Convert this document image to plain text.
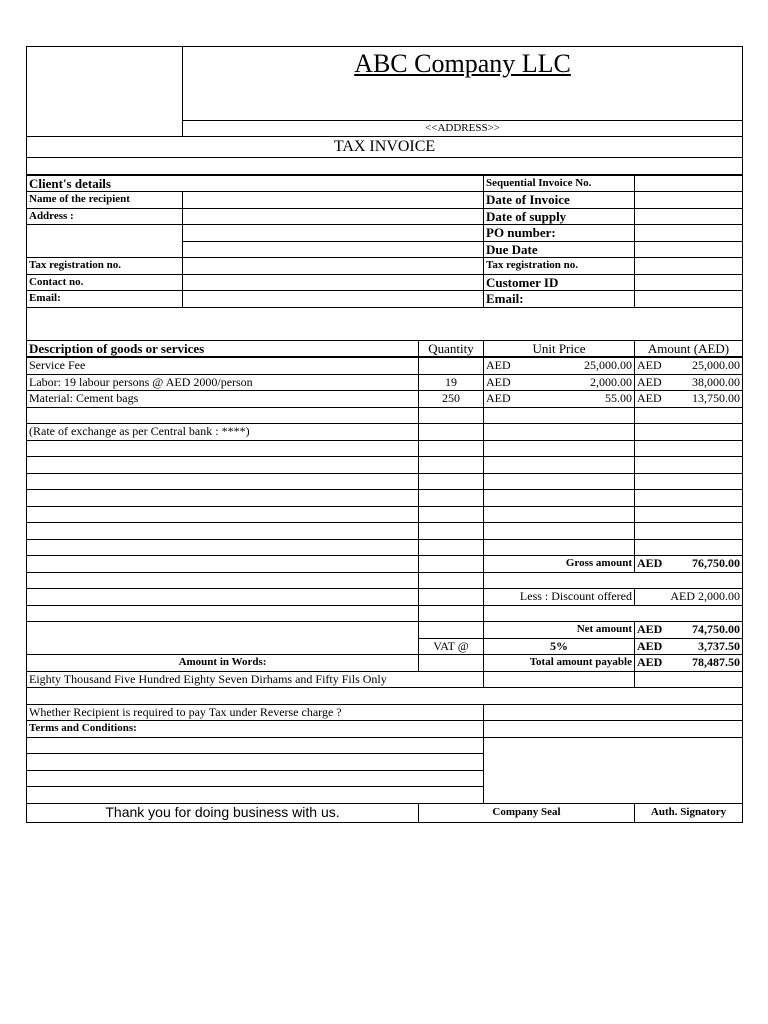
	ABC Company LLC			
	<<ADDRESS>>			
TAX INVOICE				

Client's details			Sequential Invoice No.	
Name of the recipient			Date of Invoice	
Address :			Date of supply	
			PO number:	
			Due Date	
Tax registration no.			Tax registration no.	
Contact no.			Customer ID	
Email:			Email:	

Description of goods or services		Quantity	Unit Price	Amount (AED)
Service Fee			AED 25,000.00	AED 25,000.00

Labor: 19 labour persons @ AED 2000/person		19	AED 2,000.00	AED 38,000.00

Material: Cement bags		250	AED 55.00	AED 13,750.00

(Rate of exchange as per Central bank : ****)				

			Gross amount	AED 76,750.00

			Less : Discount offered	AED 2,000.00

			Net amount	AED 74,750.00

		VAT @	5%	AED 3,737.50

Amount in Words:			Total amount payable	AED 78,487.50

Eighty Thousand Five Hundred Eighty Seven Dirhams and Fifty Fils Only				

Whether Recipient is required to pay Tax under Reverse charge ?				
Terms and Conditions:				

Thank you for doing business with us.		Company Seal		Auth. Signatory
